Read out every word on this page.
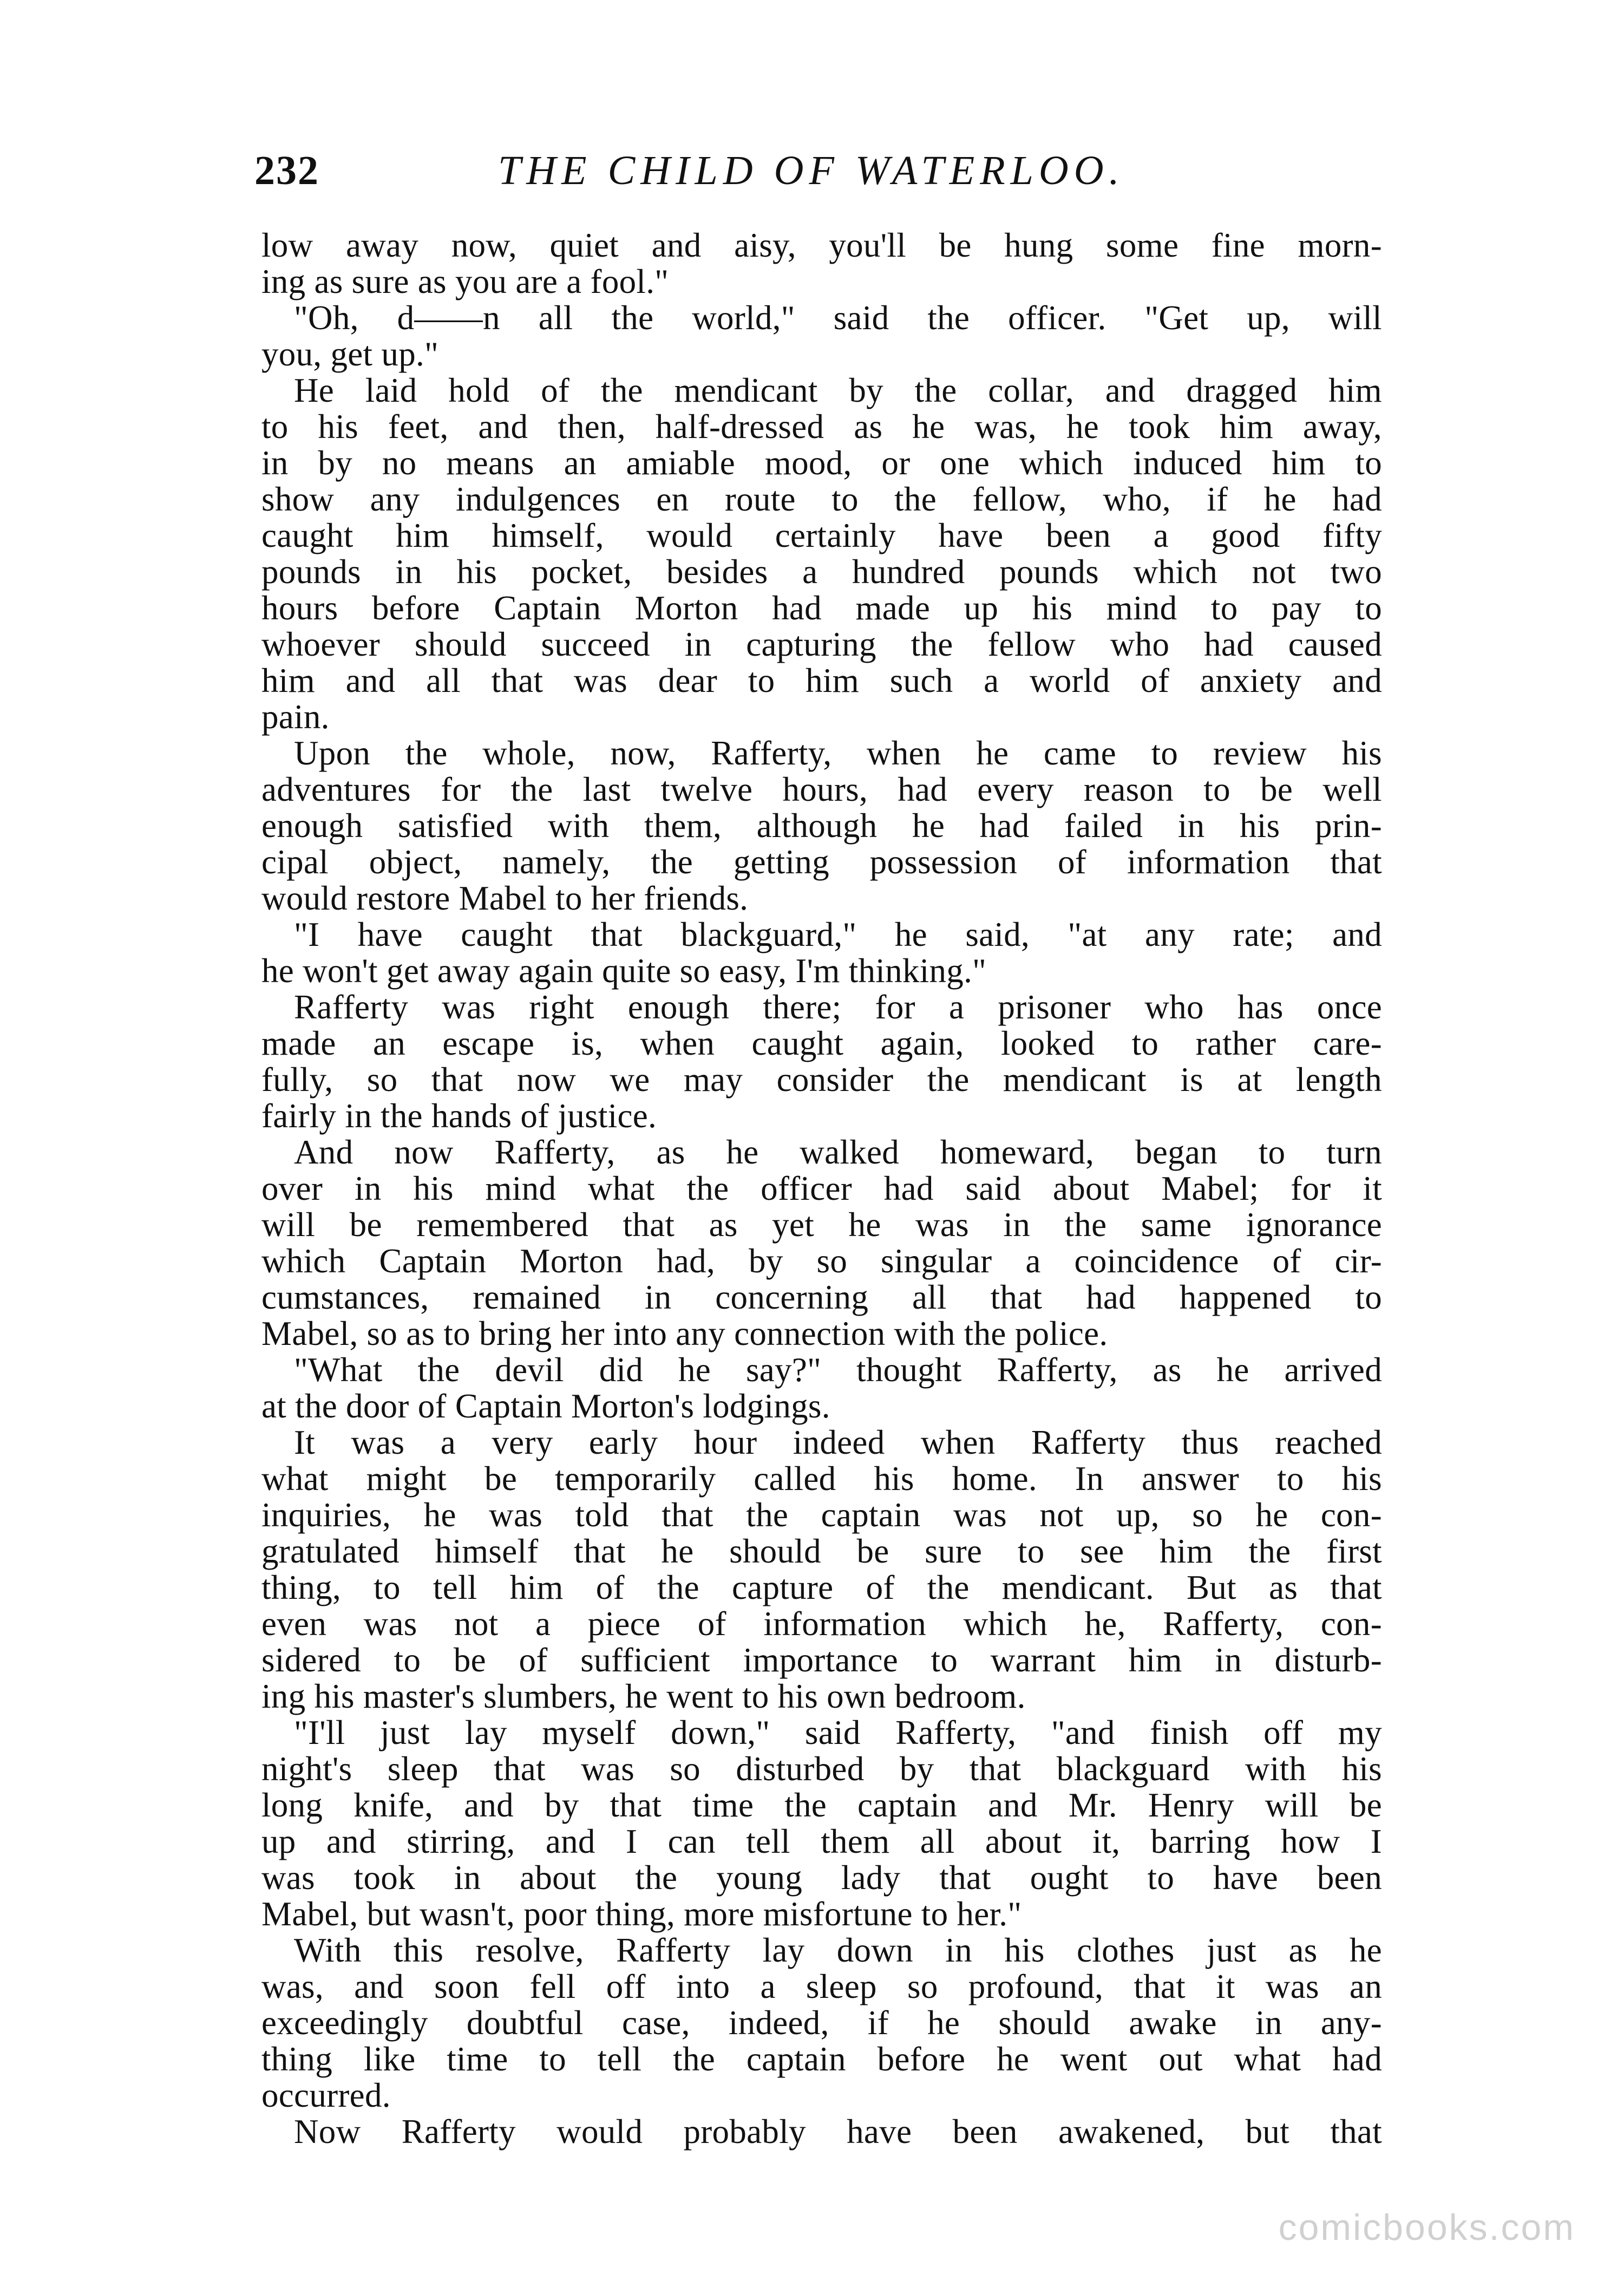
232	THE CHILD OF WATERLOO.
low away now, quiet and aisy, you'll be hung some fine morn-
ing as sure as you are a fool."
"Oh, d——n all the world," said the officer. "Get up, will
you, get up."
He laid hold of the mendicant by the collar, and dragged him
to his feet, and then, half-dressed as he was, he took him away,
in by no means an amiable mood, or one which induced him to
show any indulgences en route to the fellow, who, if he had
caught him himself, would certainly have been a good fifty
pounds in his pocket, besides a hundred pounds which not two
hours before Captain Morton had made up his mind to pay to
whoever should succeed in capturing the fellow who had caused
him and all that was dear to him such a world of anxiety and
pain.
Upon the whole, now, Rafferty, when he came to review his
adventures for the last twelve hours, had every reason to be well
enough satisfied with them, although he had failed in his prin-
cipal object, namely, the getting possession of information that
would restore Mabel to her friends.
"I have caught that blackguard," he said, "at any rate; and
he won't get away again quite so easy, I'm thinking."
Rafferty was right enough there; for a prisoner who has once
made an escape is, when caught again, looked to rather care-
fully, so that now we may consider the mendicant is at length
fairly in the hands of justice.
And now Rafferty, as he walked homeward, began to turn
over in his mind what the officer had said about Mabel; for it
will be remembered that as yet he was in the same ignorance
which Captain Morton had, by so singular a coincidence of cir-
cumstances, remained in concerning all that had happened to
Mabel, so as to bring her into any connection with the police.
"What the devil did he say?" thought Rafferty, as he arrived
at the door of Captain Morton's lodgings.
It was a very early hour indeed when Rafferty thus reached
what might be temporarily called his home. In answer to his
inquiries, he was told that the captain was not up, so he con-
gratulated himself that he should be sure to see him the first
thing, to tell him of the capture of the mendicant. But as that
even was not a piece of information which he, Rafferty, con-
sidered to be of sufficient importance to warrant him in disturb-
ing his master's slumbers, he went to his own bedroom.
"I'll just lay myself down," said Rafferty, "and finish off my
night's sleep that was so disturbed by that blackguard with his
long knife, and by that time the captain and Mr. Henry will be
up and stirring, and I can tell them all about it, barring how I
was took in about the young lady that ought to have been
Mabel, but wasn't, poor thing, more misfortune to her."
With this resolve, Rafferty lay down in his clothes just as he
was, and soon fell off into a sleep so profound, that it was an
exceedingly doubtful case, indeed, if he should awake in any-
thing like time to tell the captain before he went out what had
occurred.
Now Rafferty would probably have been awakened, but that
comicbooks.com
